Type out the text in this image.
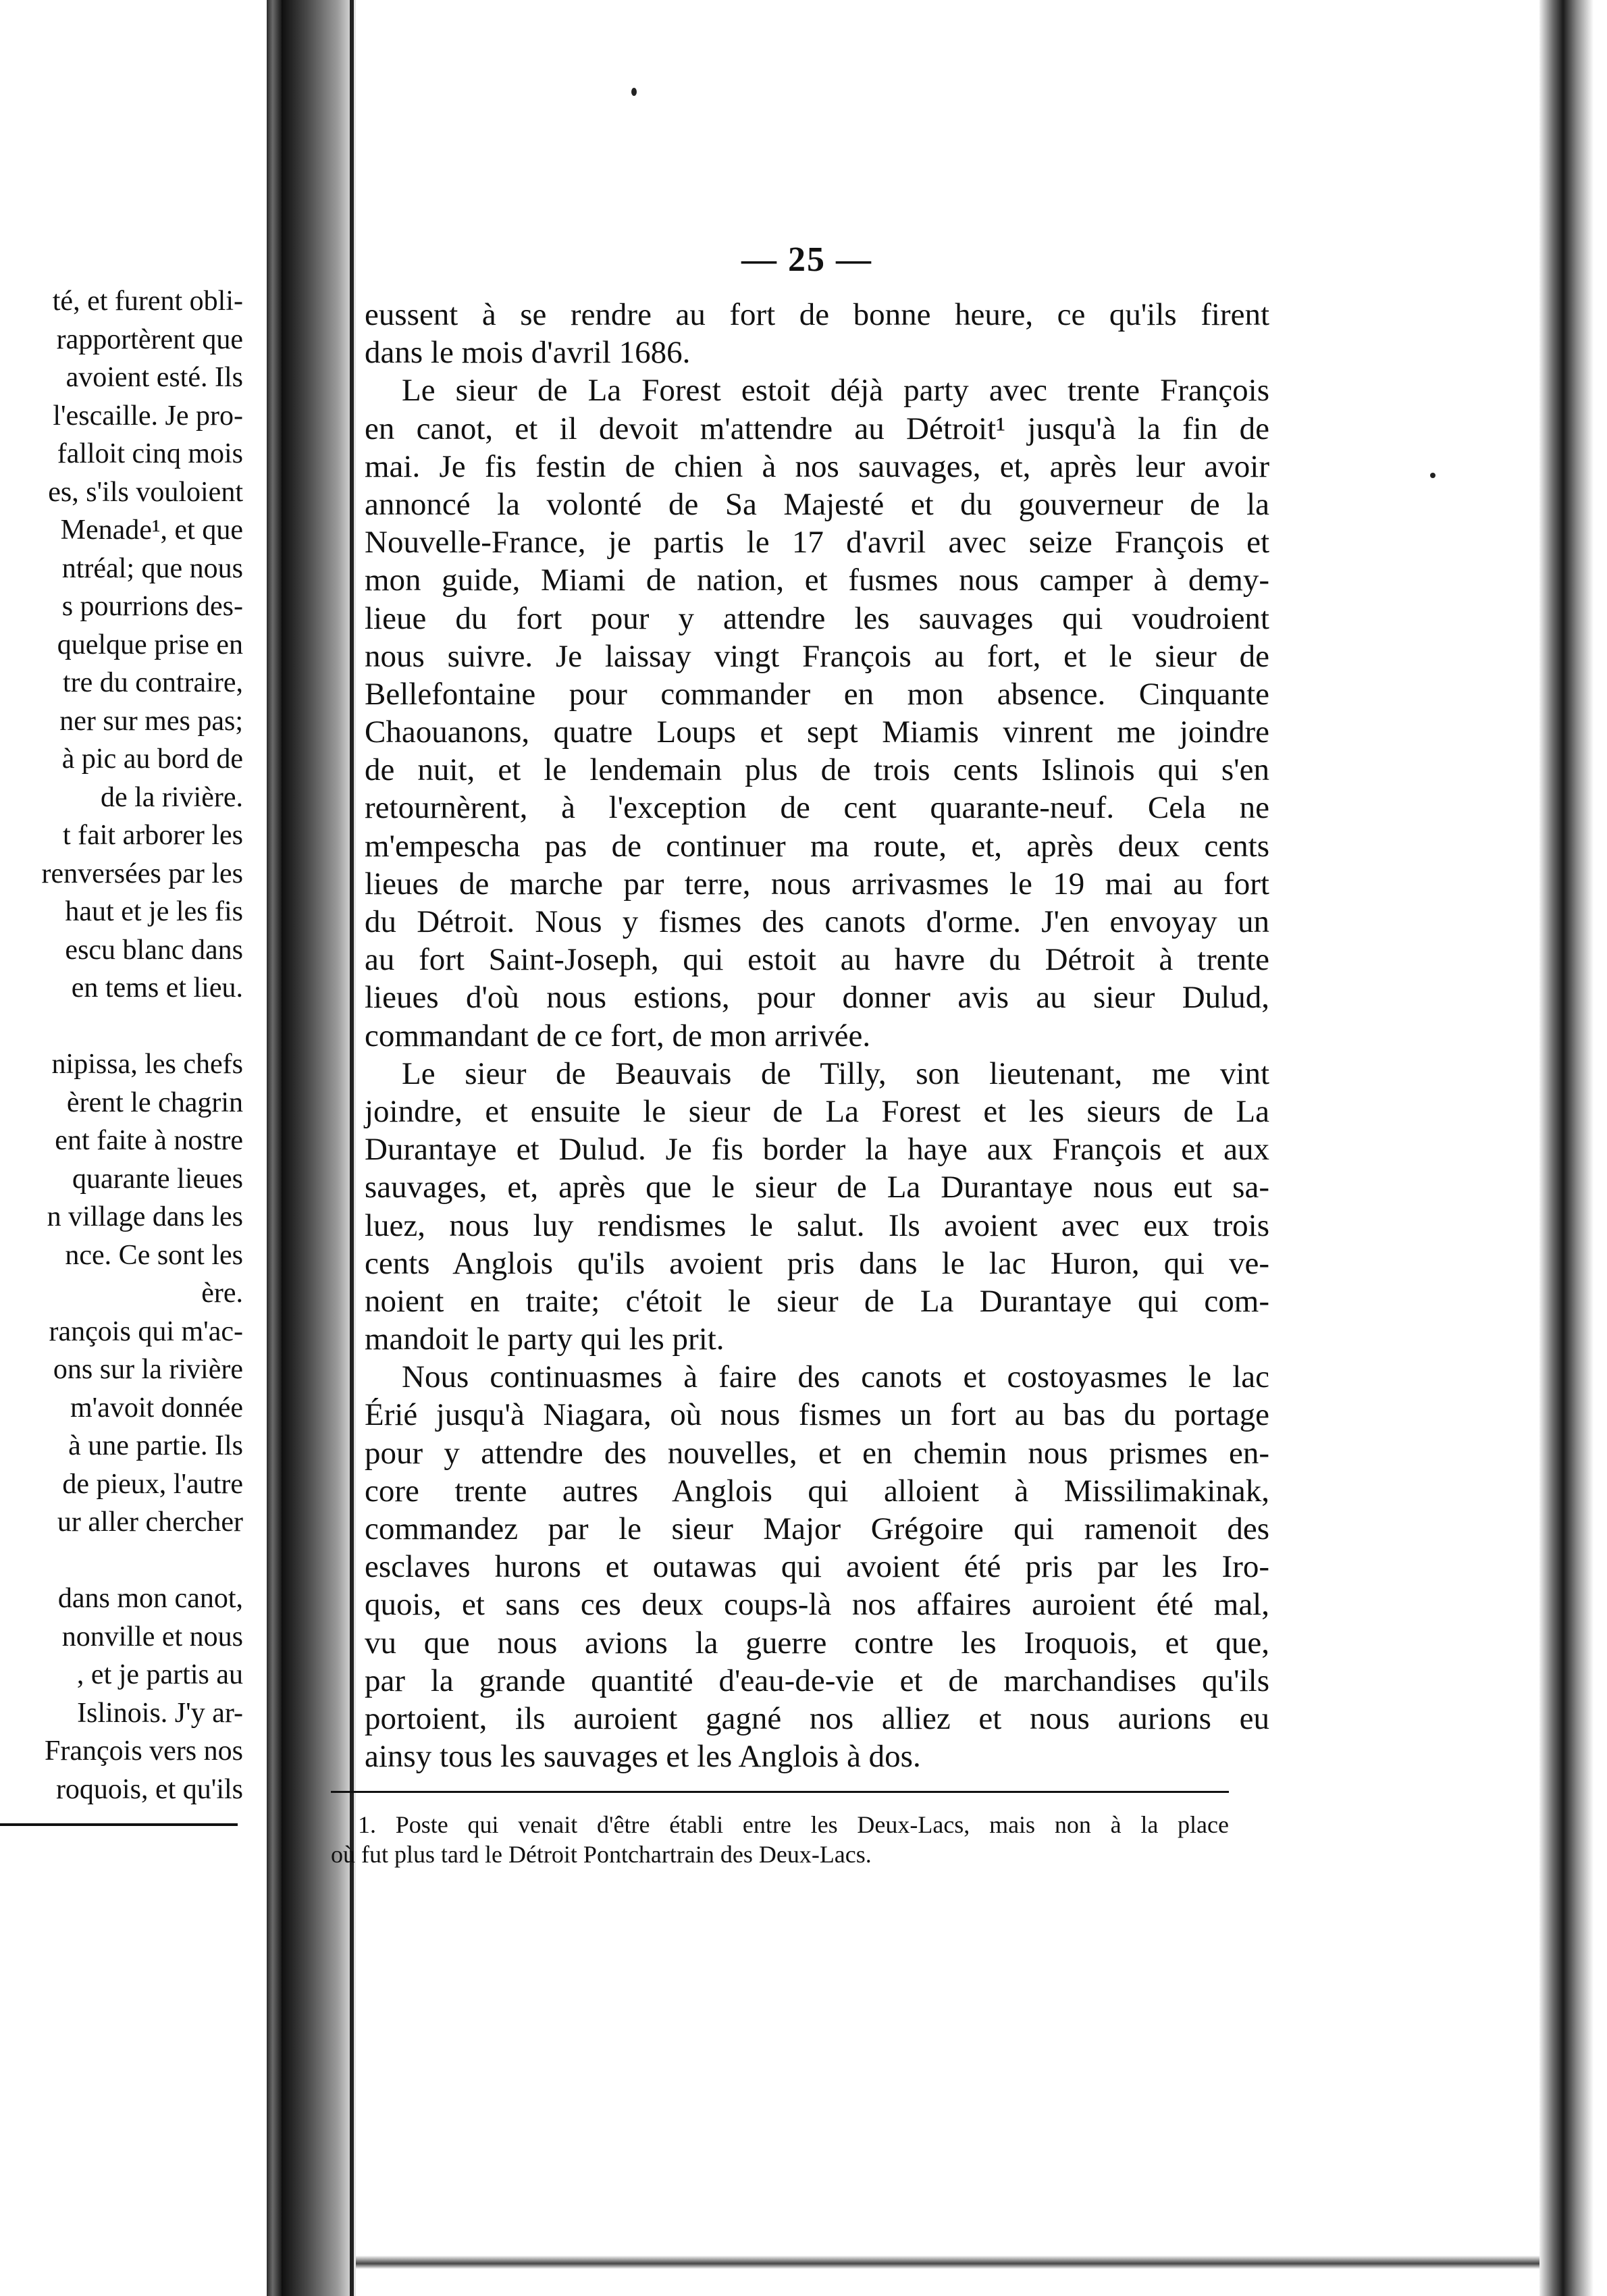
té, et furent obli-
rapportèrent que
avoient esté. Ils
l'escaille. Je pro-
falloit cinq mois
es, s'ils vouloient
Menade¹, et que
ntréal; que nous
s pourrions des-
quelque prise en
tre du contraire,
ner sur mes pas;
à pic au bord de
de la rivière.
t fait arborer les
renversées par les
haut et je les fis
escu blanc dans
en tems et lieu.
nipissa, les chefs
èrent le chagrin
ent faite à nostre
quarante lieues
n village dans les
nce. Ce sont les
ère.
rançois qui m'ac-
ons sur la rivière
m'avoit donnée
à une partie. Ils
de pieux, l'autre
ur aller chercher
dans mon canot,
nonville et nous
, et je partis au
Islinois. J'y ar-
François vers nos
roquois, et qu'ils
— 25 —
eussent à se rendre au fort de bonne heure, ce qu'ils firent
dans le mois d'avril 1686.
Le sieur de La Forest estoit déjà party avec trente François
en canot, et il devoit m'attendre au Détroit¹ jusqu'à la fin de
mai. Je fis festin de chien à nos sauvages, et, après leur avoir
annoncé la volonté de Sa Majesté et du gouverneur de la
Nouvelle-France, je partis le 17 d'avril avec seize François et
mon guide, Miami de nation, et fusmes nous camper à demy-
lieue du fort pour y attendre les sauvages qui voudroient
nous suivre. Je laissay vingt François au fort, et le sieur de
Bellefontaine pour commander en mon absence. Cinquante
Chaouanons, quatre Loups et sept Miamis vinrent me joindre
de nuit, et le lendemain plus de trois cents Islinois qui s'en
retournèrent, à l'exception de cent quarante-neuf. Cela ne
m'empescha pas de continuer ma route, et, après deux cents
lieues de marche par terre, nous arrivasmes le 19 mai au fort
du Détroit. Nous y fismes des canots d'orme. J'en envoyay un
au fort Saint-Joseph, qui estoit au havre du Détroit à trente
lieues d'où nous estions, pour donner avis au sieur Dulud,
commandant de ce fort, de mon arrivée.
Le sieur de Beauvais de Tilly, son lieutenant, me vint
joindre, et ensuite le sieur de La Forest et les sieurs de La
Durantaye et Dulud. Je fis border la haye aux François et aux
sauvages, et, après que le sieur de La Durantaye nous eut sa-
luez, nous luy rendismes le salut. Ils avoient avec eux trois
cents Anglois qu'ils avoient pris dans le lac Huron, qui ve-
noient en traite; c'étoit le sieur de La Durantaye qui com-
mandoit le party qui les prit.
Nous continuasmes à faire des canots et costoyasmes le lac
Érié jusqu'à Niagara, où nous fismes un fort au bas du portage
pour y attendre des nouvelles, et en chemin nous prismes en-
core trente autres Anglois qui alloient à Missilimakinak,
commandez par le sieur Major Grégoire qui ramenoit des
esclaves hurons et outawas qui avoient été pris par les Iro-
quois, et sans ces deux coups-là nos affaires auroient été mal,
vu que nous avions la guerre contre les Iroquois, et que,
par la grande quantité d'eau-de-vie et de marchandises qu'ils
portoient, ils auroient gagné nos alliez et nous aurions eu
ainsy tous les sauvages et les Anglois à dos.
1. Poste qui venait d'être établi entre les Deux-Lacs, mais non à la place
où fut plus tard le Détroit Pontchartrain des Deux-Lacs.
